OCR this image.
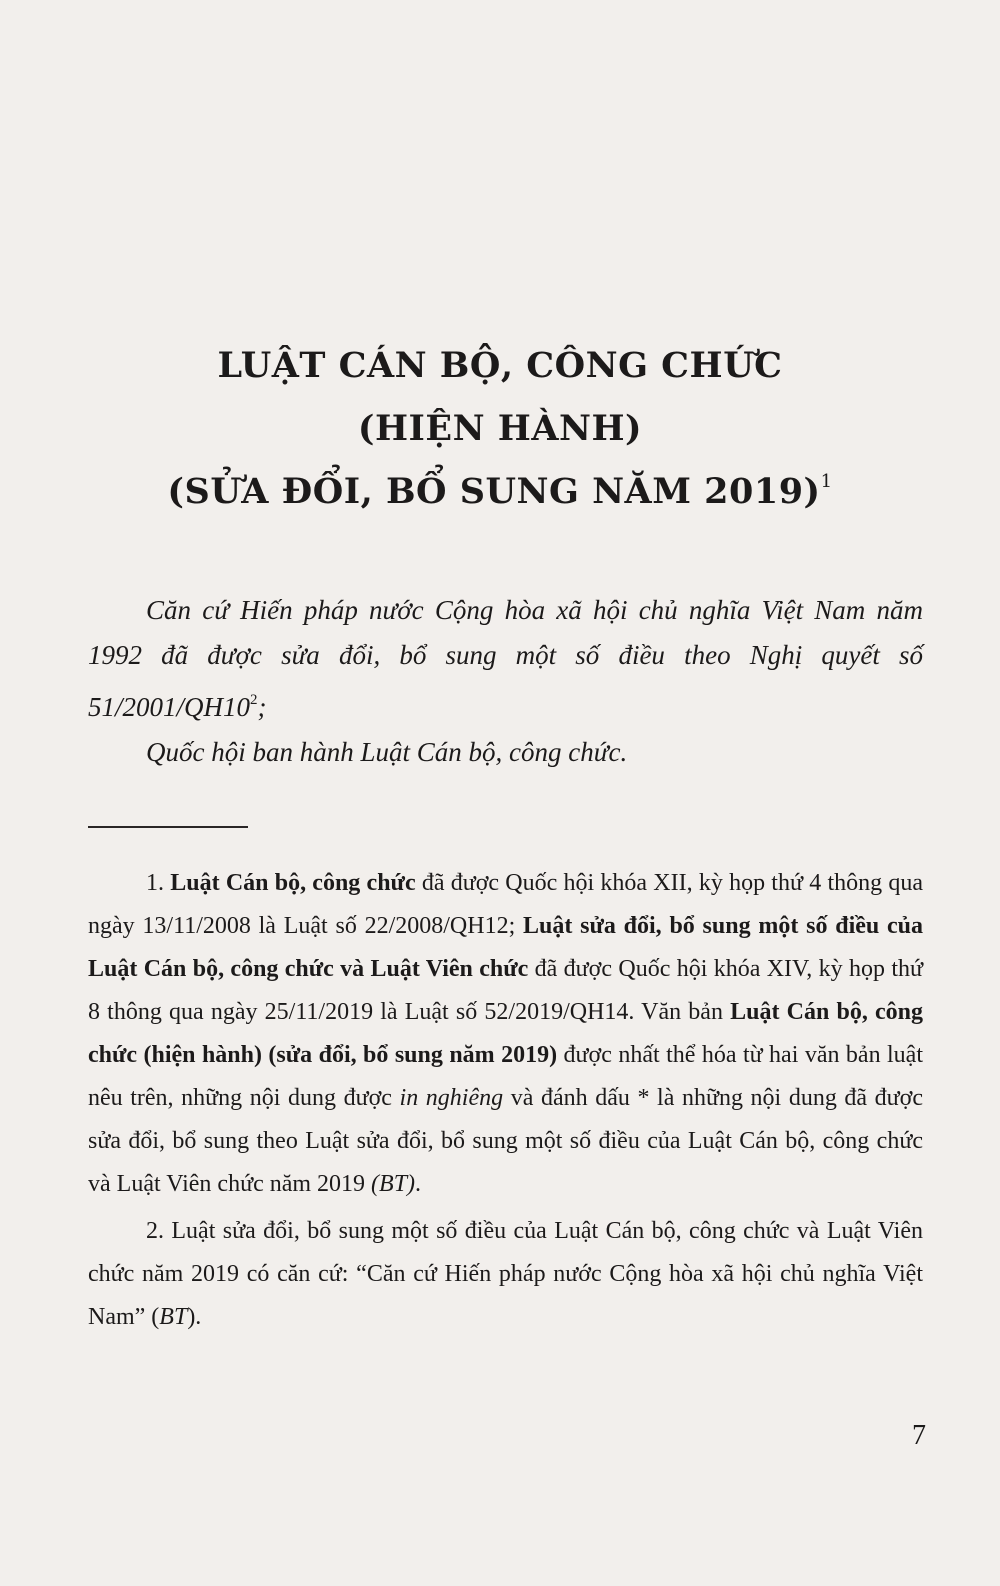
LUẬT CÁN BỘ, CÔNG CHỨC
(HIỆN HÀNH)
(SỬA ĐỔI, BỔ SUNG NĂM 2019)$^1$

Căn cứ Hiến pháp nước Cộng hòa xã hội chủ nghĩa Việt Nam năm 1992 đã được sửa đổi, bổ sung một số điều theo Nghị quyết số $51/2001/QH10^2$;

Quốc hội ban hành Luật Cán bộ, công chức.

1. Luật Cán bộ, công chức đã được Quốc hội khóa XII, kỳ họp thứ 4 thông qua ngày 13/11/2008 là Luật số 22/2008/QH12; Luật sửa đổi, bổ sung một số điều của Luật Cán bộ, công chức và Luật Viên chức đã được Quốc hội khóa XIV, kỳ họp thứ 8 thông qua ngày 25/11/2019 là Luật số 52/2019/QH14. Văn bản Luật Cán bộ, công chức (hiện hành) (sửa đổi, bổ sung năm 2019) được nhất thể hóa từ hai văn bản luật nêu trên, những nội dung được in nghiêng và đánh dấu * là những nội dung đã được sửa đổi, bổ sung theo Luật sửa đổi, bổ sung một số điều của Luật Cán bộ, công chức và Luật Viên chức năm 2019 (BT).

2. Luật sửa đổi, bổ sung một số điều của Luật Cán bộ, công chức và Luật Viên chức năm 2019 có căn cứ: “Căn cứ Hiến pháp nước Cộng hòa xã hội chủ nghĩa Việt Nam” (BT).

7
